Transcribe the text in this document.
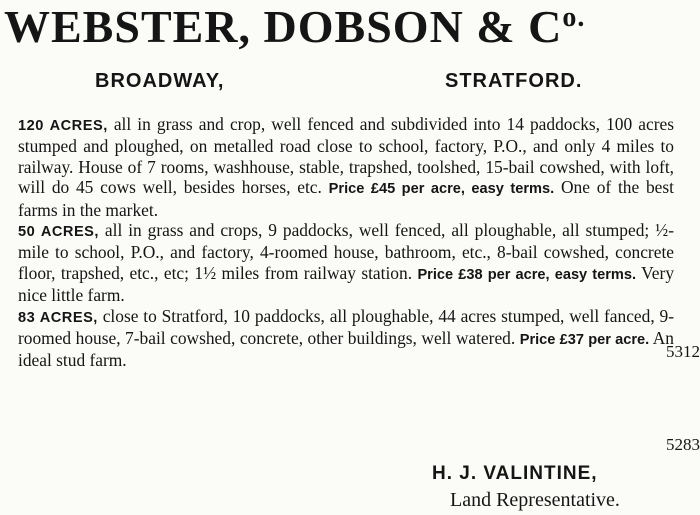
WEBSTER, DOBSON & $C^{o.}$
BROADWAY,	STRATFORD.

120 ACRES, all in grass and crop, well fenced and subdivided into 14 paddocks, 100 acres stumped and ploughed, on metalled road close to school, factory, P.O., and only 4 miles to railway. House of 7 rooms, washhouse, stable, trapshed, toolshed, 15-bail cowshed, with loft, will do 45 cows well, besides horses, etc. Price £45 per acre, easy terms. One of the best farms in the market.

50 ACRES, all in grass and crops, 9 paddocks, well fenced, all ploughable, all stumped; ½-mile to school, P.O., and factory, 4-roomed house, bathroom, etc., 8-bail cowshed, concrete floor, trapshed, etc., etc; 1½ miles from railway station. Price £38 per acre, easy terms. Very nice little farm.

83 ACRES, close to Stratford, 10 paddocks, all ploughable, 44 acres stumped, well fanced, 9-roomed house, 7-bail cowshed, concrete, other buildings, well watered. Price £37 per acre. An ideal stud farm.	5312
5283
H. J. VALINTINE,
Land Representative.
